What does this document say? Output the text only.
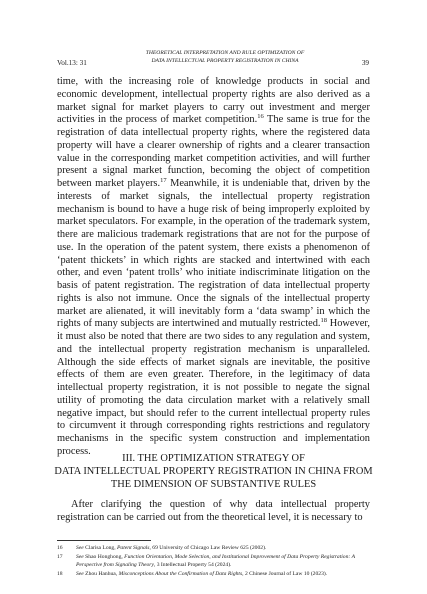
Vol.13: 31
THEORETICAL INTERPRETATION AND RULE OPTIMIZATION OF
DATA INTELLECTUAL PROPERTY REGISTRATION IN CHINA	39

time, with the increasing role of knowledge products in social and economic development, intellectual property rights are also derived as a market signal for market players to carry out investment and merger activities in the process of market competition.$^{16}$ The same is true for the registration of data intellectual property rights, where the registered data property will have a clearer ownership of rights and a clearer transaction value in the corresponding market competition activities, and will further present a signal market function, becoming the object of competition between market players.$^{17}$ Meanwhile, it is undeniable that, driven by the interests of market signals, the intellectual property registration mechanism is bound to have a huge risk of being improperly exploited by market speculators. For example, in the operation of the trademark system, there are malicious trademark registrations that are not for the purpose of use. In the operation of the patent system, there exists a phenomenon of ‘patent thickets’ in which rights are stacked and intertwined with each other, and even ‘patent trolls’ who initiate indiscriminate litigation on the basis of patent registration. The registration of data intellectual property rights is also not immune. Once the signals of the intellectual property market are alienated, it will inevitably form a ‘data swamp’ in which the rights of many subjects are intertwined and mutually restricted.$^{18}$ However, it must also be noted that there are two sides to any regulation and system, and the intellectual property registration mechanism is unparalleled. Although the side effects of market signals are inevitable, the positive effects of them are even greater. Therefore, in the legitimacy of data intellectual property registration, it is not possible to negate the signal utility of promoting the data circulation market with a relatively small negative impact, but should refer to the current intellectual property rules to circumvent it through corresponding rights restrictions and regulatory mechanisms in the specific system construction and implementation process.

III. THE OPTIMIZATION STRATEGY OF
DATA INTELLECTUAL PROPERTY REGISTRATION IN CHINA FROM
THE DIMENSION OF SUBSTANTIVE RULES
After clarifying the question of why data intellectual property registration can be carried out from the theoretical level, it is necessary to
16 See Clarisa Long, Patent Signals, 69 University of Chicago Law Review 625 (2002).
17 See Shao Honghong, Function Orientation, Mode Selection, and Institutional Improvement of Data Property Registration: A
Perspective from Signaling Theory, 3 Intellectual Property 54 (2024).
18 See Zhou Hanhua, Misconceptions About the Confirmation of Data Rights, 2 Chinese Journal of Law 10 (2023).
